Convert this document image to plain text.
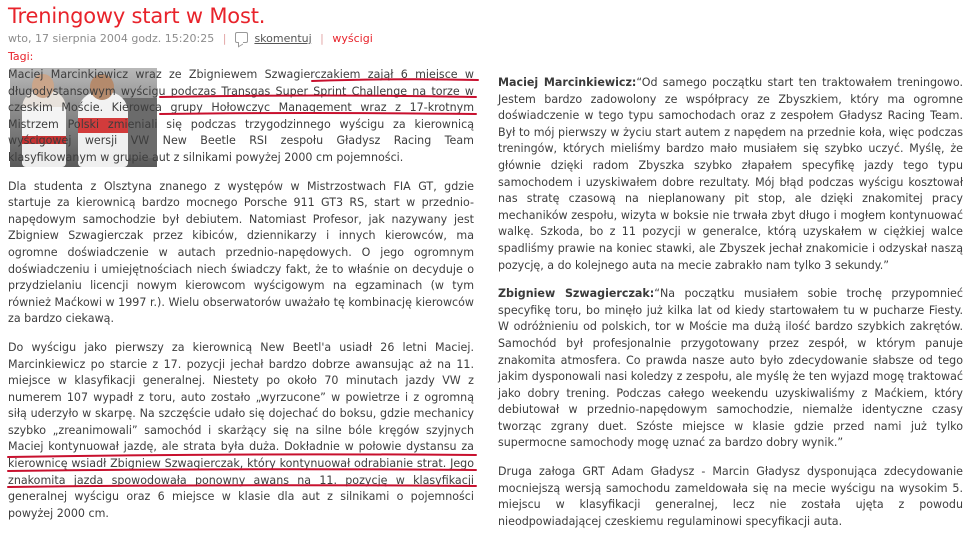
Treningowy start w Most.
wto, 17 sierpnia 2004 godz. 15:20:25 |	skomentuj | wyścigi
Tagi:

Maciej Marcinkiewicz wraz ze Zbigniewem Szwagierczakiem zajął 6 miejsce w długodystansowym wyścigu podczas Transgas Super Sprint Challenge na torze w czeskim Moście. Kierowca grupy Hołowczyc Management wraz z 17-krotnym Mistrzem Polski zmieniali się podczas trzygodzinnego wyścigu za kierownicą wyścigowej wersji VW New Beetle RSI zespołu Gładysz Racing Team klasyfikowanym w grupie aut z silnikami powyżej 2000 cm pojemności.

Dla studenta z Olsztyna znanego z występów w Mistrzostwach FIA GT, gdzie startuje za kierownicą bardzo mocnego Porsche 911 GT3 RS, start w przednio-napędowym samochodzie był debiutem. Natomiast Profesor, jak nazywany jest Zbigniew Szwagierczak przez kibiców, dziennikarzy i innych kierowców, ma ogromne doświadczenie w autach przednio-napędowych. O jego ogromnym doświadczeniu i umiejętnościach niech świadczy fakt, że to właśnie on decyduje o przydzielaniu licencji nowym kierowcom wyścigowym na egzaminach (w tym również Maćkowi w 1997 r.). Wielu obserwatorów uważało tę kombinację kierowców za bardzo ciekawą.

Do wyścigu jako pierwszy za kierownicą New Beetl'a usiadł 26 letni Maciej. Marcinkiewicz po starcie z 17. pozycji jechał bardzo dobrze awansując aż na 11. miejsce w klasyfikacji generalnej. Niestety po około 70 minutach jazdy VW z numerem 107 wypadł z toru, auto zostało „wyrzucone” w powietrze i z ogromną siłą uderzyło w skarpę. Na szczęście udało się dojechać do boksu, gdzie mechanicy szybko „zreanimowali” samochód i skarżący się na silne bóle kręgów szyjnych Maciej kontynuował jazdę, ale strata była duża. Dokładnie w połowie dystansu za kierownicę wsiadł Zbigniew Szwagierczak, który kontynuował odrabianie strat. Jego znakomita jazda spowodowała ponowny awans na 11. pozycję w klasyfikacji generalnej wyścigu oraz 6 miejsce w klasie dla aut z silnikami o pojemności powyżej 2000 cm.

Maciej Marcinkiewicz:“Od samego początku start ten traktowałem treningowo. Jestem bardzo zadowolony ze współpracy ze Zbyszkiem, który ma ogromne doświadczenie w tego typu samochodach oraz z zespołem Gładysz Racing Team. Był to mój pierwszy w życiu start autem z napędem na przednie koła, więc podczas treningów, których mieliśmy bardzo mało musiałem się szybko uczyć. Myślę, że głównie dzięki radom Zbyszka szybko złapałem specyfikę jazdy tego typu samochodem i uzyskiwałem dobre rezultaty. Mój błąd podczas wyścigu kosztował nas stratę czasową na nieplanowany pit stop, ale dzięki znakomitej pracy mechaników zespołu, wizyta w boksie nie trwała zbyt długo i mogłem kontynuować walkę. Szkoda, bo z 11 pozycji w generalce, którą uzyskałem w ciężkiej walce spadliśmy prawie na koniec stawki, ale Zbyszek jechał znakomicie i odzyskał naszą pozycję, a do kolejnego auta na mecie zabrakło nam tylko 3 sekundy.”

Zbigniew Szwagierczak:“Na początku musiałem sobie trochę przypomnieć specyfikę toru, bo minęło już kilka lat od kiedy startowałem tu w pucharze Fiesty. W odróżnieniu od polskich, tor w Moście ma dużą ilość bardzo szybkich zakrętów. Samochód był profesjonalnie przygotowany przez zespół, w którym panuje znakomita atmosfera. Co prawda nasze auto było zdecydowanie słabsze od tego jakim dysponowali nasi koledzy z zespołu, ale myślę że ten wyjazd mogę traktować jako dobry trening. Podczas całego weekendu uzyskiwaliśmy z Maćkiem, który debiutował w przednio-napędowym samochodzie, niemalże identyczne czasy tworząc zgrany duet. Szóste miejsce w klasie gdzie przed nami już tylko supermocne samochody mogę uznać za bardzo dobry wynik.”

Druga załoga GRT Adam Gładysz - Marcin Gładysz dysponująca zdecydowanie mocniejszą wersją samochodu zameldowała się na mecie wyścigu na wysokim 5. miejscu w klasyfikacji generalnej, lecz nie została ujęta z powodu nieodpowiadającej czeskiemu regulaminowi specyfikacji auta.
